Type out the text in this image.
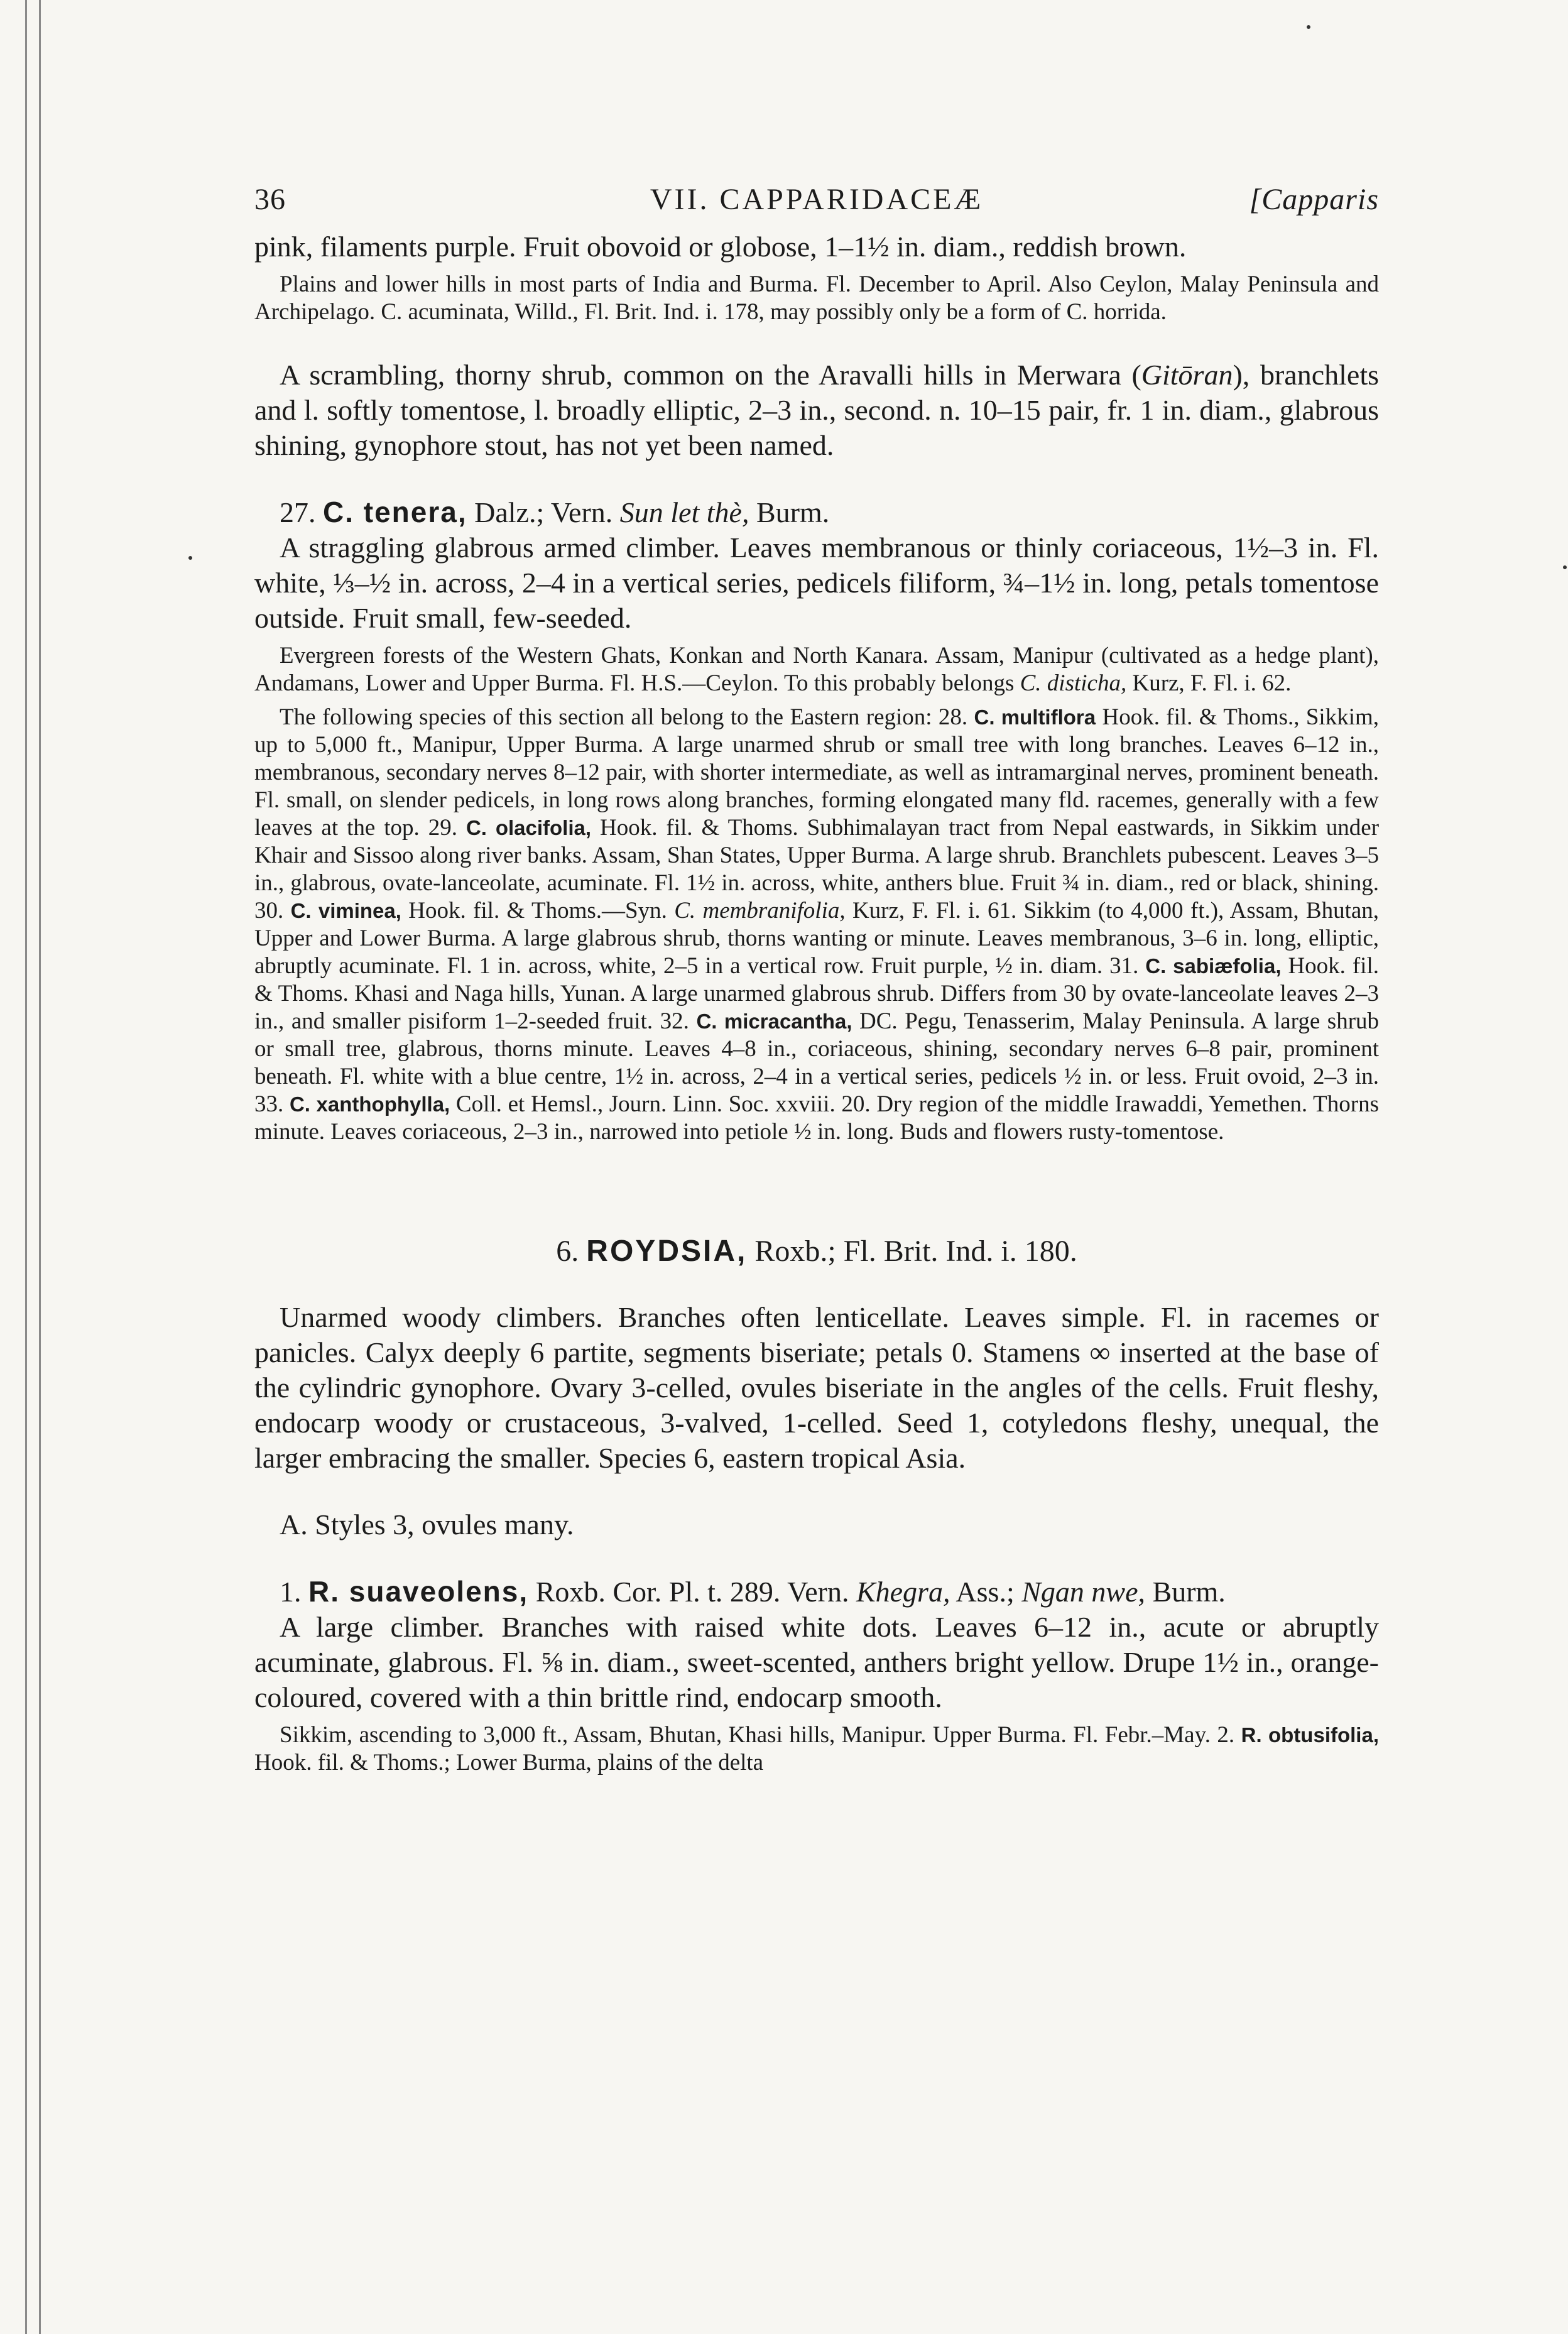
36	VII. CAPPARIDACEÆ	[Capparis

pink, filaments purple. Fruit obovoid or globose, 1–1½ in. diam., reddish brown.

Plains and lower hills in most parts of India and Burma. Fl. December to April. Also Ceylon, Malay Peninsula and Archipelago. C. acuminata, Willd., Fl. Brit. Ind. i. 178, may possibly only be a form of C. horrida.

A scrambling, thorny shrub, common on the Aravalli hills in Merwara (Gitōran), branchlets and l. softly tomentose, l. broadly elliptic, 2–3 in., second. n. 10–15 pair, fr. 1 in. diam., glabrous shining, gynophore stout, has not yet been named.

27. C. tenera, Dalz.; Vern. Sun let thè, Burm.

A straggling glabrous armed climber. Leaves membranous or thinly coriaceous, 1½–3 in. Fl. white, ⅓–½ in. across, 2–4 in a vertical series, pedicels filiform, ¾–1½ in. long, petals tomentose outside. Fruit small, few-seeded.

Evergreen forests of the Western Ghats, Konkan and North Kanara. Assam, Manipur (cultivated as a hedge plant), Andamans, Lower and Upper Burma. Fl. H.S.—Ceylon. To this probably belongs C. disticha, Kurz, F. Fl. i. 62.

The following species of this section all belong to the Eastern region: 28. C. multiflora Hook. fil. & Thoms., Sikkim, up to 5,000 ft., Manipur, Upper Burma. A large unarmed shrub or small tree with long branches. Leaves 6–12 in., membranous, secondary nerves 8–12 pair, with shorter intermediate, as well as intramarginal nerves, prominent beneath. Fl. small, on slender pedicels, in long rows along branches, forming elongated many fld. racemes, generally with a few leaves at the top. 29. C. olacifolia, Hook. fil. & Thoms. Subhimalayan tract from Nepal eastwards, in Sikkim under Khair and Sissoo along river banks. Assam, Shan States, Upper Burma. A large shrub. Branchlets pubescent. Leaves 3–5 in., glabrous, ovate-lanceolate, acuminate. Fl. 1½ in. across, white, anthers blue. Fruit ¾ in. diam., red or black, shining. 30. C. viminea, Hook. fil. & Thoms.—Syn. C. membranifolia, Kurz, F. Fl. i. 61. Sikkim (to 4,000 ft.), Assam, Bhutan, Upper and Lower Burma. A large glabrous shrub, thorns wanting or minute. Leaves membranous, 3–6 in. long, elliptic, abruptly acuminate. Fl. 1 in. across, white, 2–5 in a vertical row. Fruit purple, ½ in. diam. 31. C. sabiæfolia, Hook. fil. & Thoms. Khasi and Naga hills, Yunan. A large unarmed glabrous shrub. Differs from 30 by ovate-lanceolate leaves 2–3 in., and smaller pisiform 1–2-seeded fruit. 32. C. micracantha, DC. Pegu, Tenasserim, Malay Peninsula. A large shrub or small tree, glabrous, thorns minute. Leaves 4–8 in., coriaceous, shining, secondary nerves 6–8 pair, prominent beneath. Fl. white with a blue centre, 1½ in. across, 2–4 in a vertical series, pedicels ½ in. or less. Fruit ovoid, 2–3 in. 33. C. xanthophylla, Coll. et Hemsl., Journ. Linn. Soc. xxviii. 20. Dry region of the middle Irawaddi, Yemethen. Thorns minute. Leaves coriaceous, 2–3 in., narrowed into petiole ½ in. long. Buds and flowers rusty-tomentose.

6. ROYDSIA, Roxb.; Fl. Brit. Ind. i. 180.

Unarmed woody climbers. Branches often lenticellate. Leaves simple. Fl. in racemes or panicles. Calyx deeply 6 partite, segments biseriate; petals 0. Stamens ∞ inserted at the base of the cylindric gynophore. Ovary 3-celled, ovules biseriate in the angles of the cells. Fruit fleshy, endocarp woody or crustaceous, 3-valved, 1-celled. Seed 1, cotyledons fleshy, unequal, the larger embracing the smaller. Species 6, eastern tropical Asia.

A. Styles 3, ovules many.

1. R. suaveolens, Roxb. Cor. Pl. t. 289. Vern. Khegra, Ass.; Ngan nwe, Burm.

A large climber. Branches with raised white dots. Leaves 6–12 in., acute or abruptly acuminate, glabrous. Fl. ⅝ in. diam., sweet-scented, anthers bright yellow. Drupe 1½ in., orange-coloured, covered with a thin brittle rind, endocarp smooth.

Sikkim, ascending to 3,000 ft., Assam, Bhutan, Khasi hills, Manipur. Upper Burma. Fl. Febr.–May. 2. R. obtusifolia, Hook. fil. & Thoms.; Lower Burma, plains of the delta
